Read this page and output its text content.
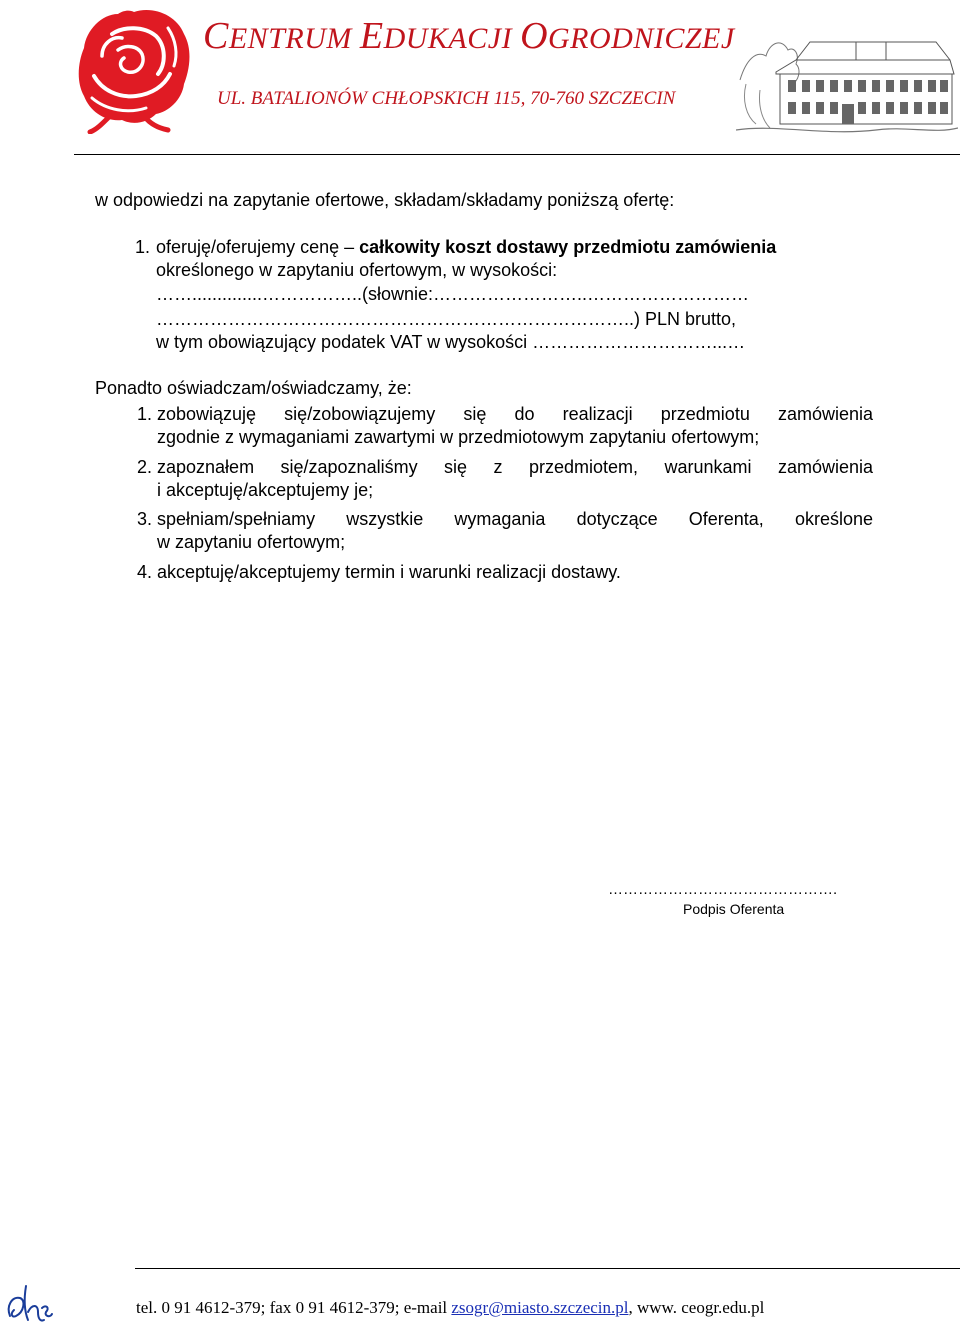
CENTRUM EDUKACJI OGRODNICZEJ
UL. BATALIONÓW CHŁOPSKICH 115, 70-760 SZCZECIN
w odpowiedzi na zapytanie ofertowe, składam/składamy poniższą ofertę:
1. oferuję/oferujemy cenę – całkowity koszt dostawy przedmiotu zamówienia
określonego w zapytaniu ofertowym, w wysokości:
……..............……………..(słownie:……………………..………………………
……………………………………………………………………..) PLN brutto,
w tym obowiązujący podatek VAT w wysokości …………………………...…
Ponadto oświadczam/oświadczamy, że:
1. zobowiązuję się/zobowiązujemy się do realizacji przedmiotu zamówienia
zgodnie z wymaganiami zawartymi w przedmiotowym zapytaniu ofertowym;
2. zapoznałem się/zapoznaliśmy się z przedmiotem, warunkami zamówienia
i akceptuję/akceptujemy je;
3. spełniam/spełniamy wszystkie wymagania dotyczące Oferenta, określone
w zapytaniu ofertowym;
4. akceptuję/akceptujemy termin i warunki realizacji dostawy.
……………………………………….
Podpis Oferenta
tel. 0 91 4612-379; fax 0 91 4612-379; e-mail zsogr@miasto.szczecin.pl, www. ceogr.edu.pl
